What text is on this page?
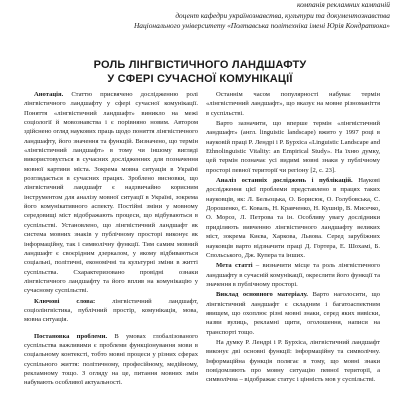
компанія рекламних кампаній
доцент кафедри українознавства, культури та документознавства
Національного університету «Полтавська політехніка імені Юрія Кондратюка»
РОЛЬ ЛІНГВІСТИЧНОГО ЛАНДШАФТУ
У СФЕРІ СУЧАСНОЇ КОМУНІКАЦІЇ

Анотація. Статтю присвячено дослідженню ролі лінгвістичного ландшафту у сфері сучасної комунікації. Поняття «лінгвістичний ландшафт» виникло на межі соціології й мовознавства і є порівняно новим. Автором здійснено огляд наукових праць щодо поняття лінгвістичного ландшафту, його значення та функцій. Визначено, що термін «лінгвістичний ландшафт» в тому чи іншому вигляді використовується в сучасних дослідженнях для позначення мовної картини міста. Зокрема мовна ситуація в Україні розглядається в сучасних працях. Зроблено висновки, що лінгвістичний ландшафт є надзвичайно корисним інструментом для аналізу мовної ситуації в Україні, зокрема його комунікативного аспекту. Постійні зміни у мовному середовищі міст відображають процеси, що відбуваються в суспільстві. Установлено, що лінгвістичний ландшафт як система мовних знаків у публічному просторі виконує як інформаційну, так і символічну функції. Тим самим мовний ландшафт є своєрідним дзеркалом, у якому відбиваються соціальні, політичні, економічні та культурні зміни в житті суспільства. Схарактеризовано провідні ознаки лінгвістичного ландшафту та його вплив на комунікацію у сучасному суспільстві.

Ключові слова:	лінгвістичний ландшафт, соціолінгвістика, публічний простір, комунікація, мова, мовна ситуація.

Постановка проблеми. В умовах глобалізованого суспільства важливими є проблеми функціонування мови в соціальному контексті, тобто мовні процеси у різних сферах суспільного життя: політичному, професійному, медійному, рекламному тощо. З огляду на це, питання мовних змін набувають особливої актуальності.

Останнім часом популярності набуває термін «лінгвістичний ландшафт», що вказує на мовне різноманіття в суспільстві.

Варто зазначити, що вперше термін «лінгвістичний ландшафт» (англ. linguistic landscape) вжито у 1997 році в науковій праці Р. Лендрі і Р. Бурхіса «Linguistic Landscape and Ethnolinguistic Vitality: an Empirical Study». На їхню думку, цей термін позначає усі видимі мовні знаки у публічному просторі певної території чи регіону [2, с. 23].

Аналіз останніх досліджень і публікацій. Наукові дослідження цієї проблеми представлено в працях таких науковців, як: Л. Бельоцька, О. Борисюк, О. Голубовська, С. Дорошенко, Є. Коваль, Н. Кравченко, Н. Кушнір, В. Мисечко, О. Мороз, Л. Петрова та ін. Особливу увагу дослідники приділяють вивченню лінгвістичного ландшафту великих міст, зокрема Києва, Харкова, Львова. Серед зарубіжних науковців варто відзначити праці Д. Гортера, Е. Шохамі, Б. Спольського, Дж. Купера та інших.

Мета статті – визначити місце та роль лінгвістичного ландшафту в сучасній комунікації, окреслити його функції та значення в публічному просторі.

Виклад основного матеріалу. Варто наголосити, що лінгвістичний ландшафт є складним і багатоаспектним явищем, що охоплює різні мовні знаки, серед яких вивіски, назви вулиць, рекламні щити, оголошення, написи на транспорті тощо.

На думку Р. Лендрі і Р. Бурхіса, лінгвістичний ландшафт виконує дві основні функції: інформаційну та символічну. Інформаційна функція полягає в тому, що мовні знаки повідомляють про мовну ситуацію певної території, а символічна – відображає статус і цінність мов у суспільстві.
